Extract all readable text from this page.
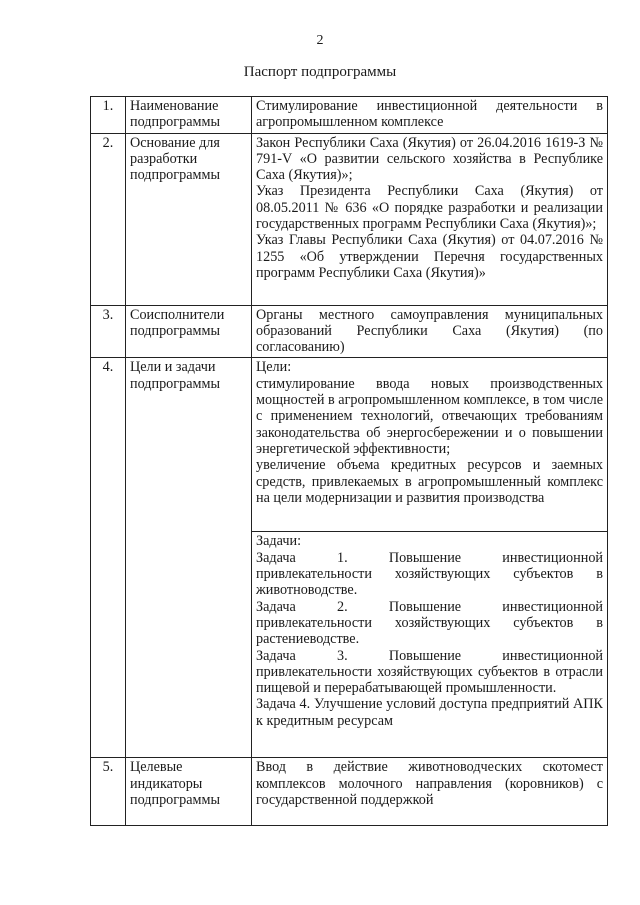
2
Паспорт подпрограммы
1.	Наименование подпрограммы	Стимулирование инвестиционной деятельности в агропромышленном комплексе

2.	Основание для разработки подпрограммы	Закон Республики Саха (Якутия) от 26.04.2016 1619-З № 791-V «О развитии сельского хозяйства в Республике Саха (Якутия)»;
Указ Президента Республики Саха (Якутия) от 08.05.2011 № 636 «О порядке разработки и реализации государственных программ Республики Саха (Якутия)»;
Указ Главы Республики Саха (Якутия) от 04.07.2016 № 1255 «Об утверждении Перечня государственных программ Республики Саха (Якутия)»

3.	Соисполнители подпрограммы	Органы местного самоуправления муниципальных образований Республики Саха (Якутия) (по согласованию)

4.	Цели и задачи подпрограммы	Цели:
стимулирование ввода новых производственных мощностей в агропромышленном комплексе, в том числе с применением технологий, отвечающих требованиям законодательства об энергосбережении и о повышении энергетической эффективности;
увеличение объема кредитных ресурсов и заемных средств, привлекаемых в агропромышленный комплекс на цели модернизации и развития производства

		Задачи:
Задача 1. Повышение инвестиционной привлекательности хозяйствующих субъектов в животноводстве.
Задача 2. Повышение инвестиционной привлекательности хозяйствующих субъектов в растениеводстве.
Задача 3. Повышение инвестиционной привлекательности хозяйствующих субъектов в отрасли пищевой и перерабатывающей промышленности.
Задача 4. Улучшение условий доступа предприятий АПК к кредитным ресурсам

5.	Целевые индикаторы подпрограммы	Ввод в действие животноводческих скотомест комплексов молочного направления (коровников) с государственной поддержкой
